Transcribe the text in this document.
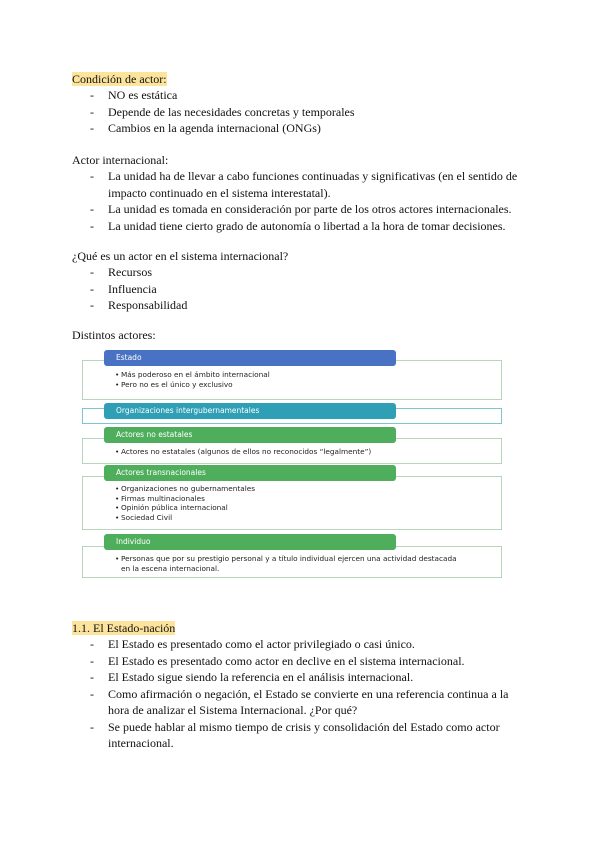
Condición de actor:
- NO es estática
- Depende de las necesidades concretas y temporales
- Cambios en la agenda internacional (ONGs)
Actor internacional:
- La unidad ha de llevar a cabo funciones continuadas y significativas (en el sentido de impacto continuado en el sistema interestatal).
- La unidad es tomada en consideración por parte de los otros actores internacionales.
- La unidad tiene cierto grado de autonomía o libertad a la hora de tomar decisiones.
¿Qué es un actor en el sistema internacional?
- Recursos
- Influencia
- Responsabilidad
Distintos actores:
• Más poderoso en el ámbito internacional
• Pero no es el único y exclusivo
Estado
Organizaciones intergubernamentales
• Actores no estatales (algunos de ellos no reconocidos “legalmente”)
Actores no estatales
• Organizaciones no gubernamentales
• Firmas multinacionales
• Opinión pública internacional
• Sociedad Civil
Actores transnacionales
• Personas que por su prestigio personal y a título individual ejercen una actividad destacada en la escena internacional.
Individuo
1.1. El Estado-nación
- El Estado es presentado como el actor privilegiado o casi único.
- El Estado es presentado como actor en declive en el sistema internacional.
- El Estado sigue siendo la referencia en el análisis internacional.
- Como afirmación o negación, el Estado se convierte en una referencia continua a la hora de analizar el Sistema Internacional. ¿Por qué?
- Se puede hablar al mismo tiempo de crisis y consolidación del Estado como actor internacional.
